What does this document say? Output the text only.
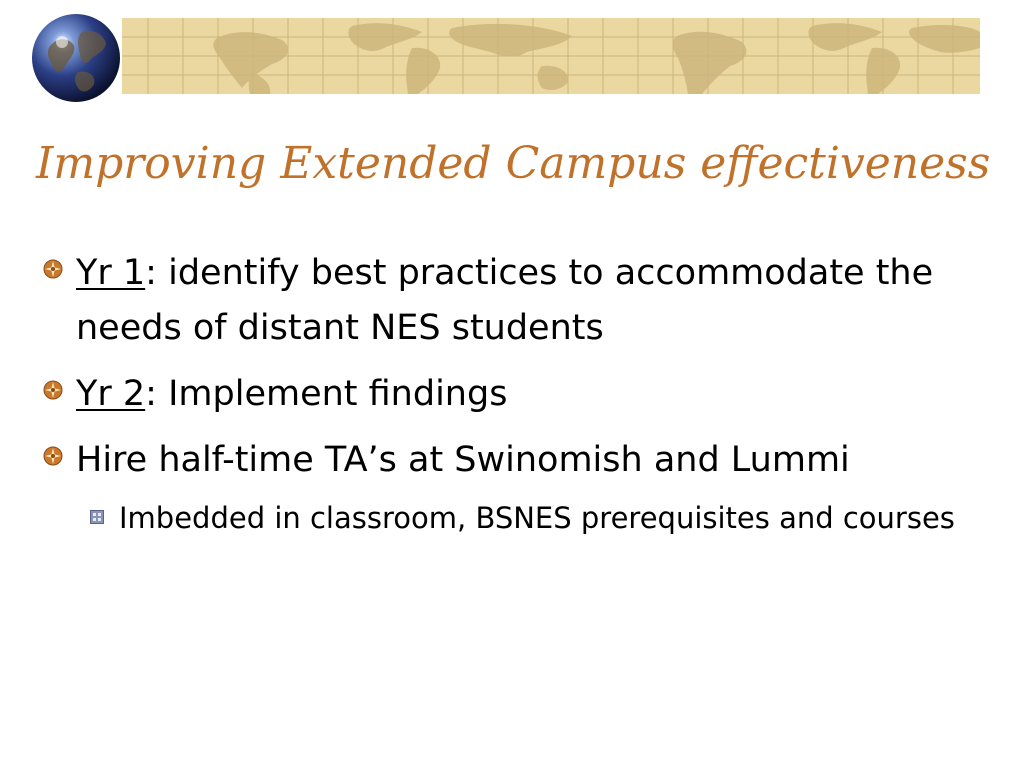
Improving Extended Campus effectiveness
Yr 1: identify best practices to accommodate the needs of distant NES students
Yr 2: Implement findings
Hire half-time TA’s at Swinomish and Lummi
Imbedded in classroom, BSNES prerequisites and courses
